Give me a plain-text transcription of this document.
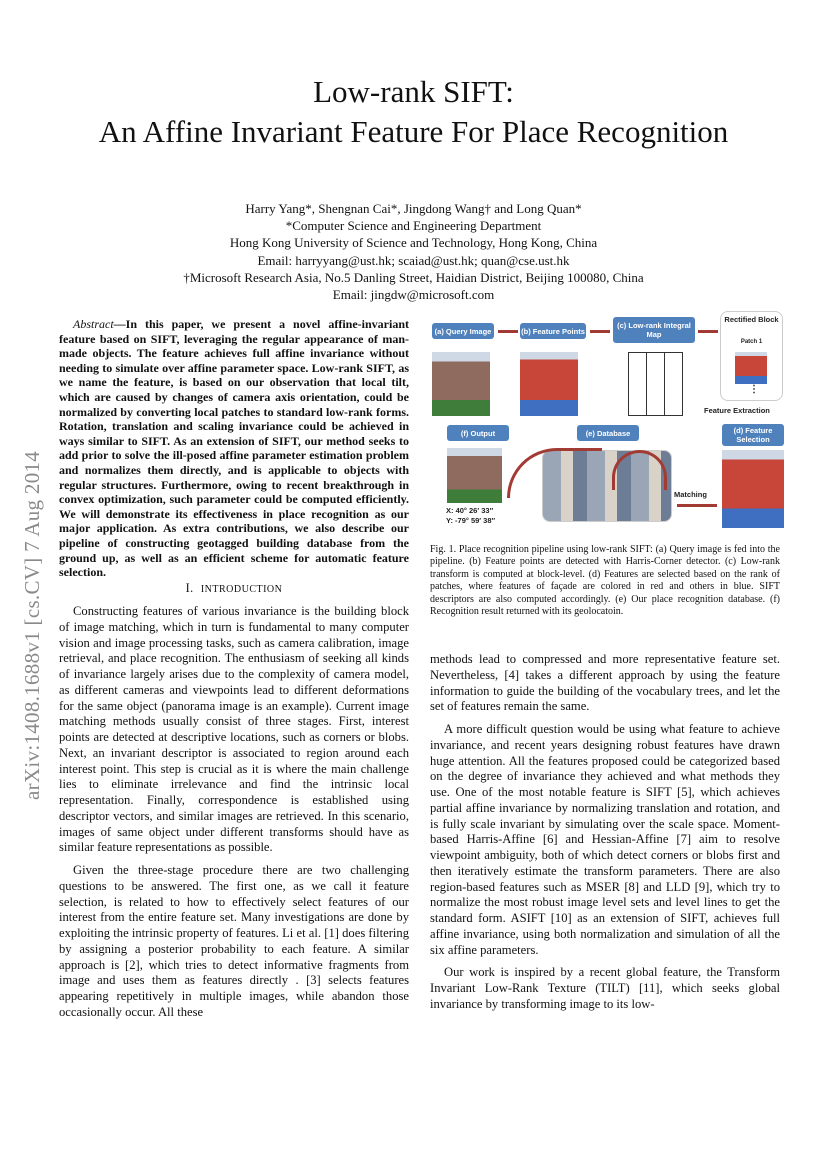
arXiv:1408.1688v1 [cs.CV] 7 Aug 2014
Low-rank SIFT:
An Affine Invariant Feature For Place Recognition
Harry Yang*, Shengnan Cai*, Jingdong Wang† and Long Quan*
*Computer Science and Engineering Department
Hong Kong University of Science and Technology, Hong Kong, China
Email: harryyang@ust.hk; scaiad@ust.hk; quan@cse.ust.hk
†Microsoft Research Asia, No.5 Danling Street, Haidian District, Beijing 100080, China
Email: jingdw@microsoft.com

Abstract—In this paper, we present a novel affine-invariant feature based on SIFT, leveraging the regular appearance of man-made objects. The feature achieves full affine invariance without needing to simulate over affine parameter space. Low-rank SIFT, as we name the feature, is based on our observation that local tilt, which are caused by changes of camera axis orientation, could be normalized by converting local patches to standard low-rank forms. Rotation, translation and scaling invariance could be achieved in ways similar to SIFT. As an extension of SIFT, our method seeks to add prior to solve the ill-posed affine parameter estimation problem and normalizes them directly, and is applicable to objects with regular structures. Furthermore, owing to recent breakthrough in convex optimization, such parameter could be computed efficiently. We will demonstrate its effectiveness in place recognition as our major application. As extra contributions, we also describe our pipeline of constructing geotagged building database from the ground up, as well as an efficient scheme for automatic feature selection.

I. INTRODUCTION

Constructing features of various invariance is the building block of image matching, which in turn is fundamental to many computer vision and image processing tasks, such as camera calibration, image retrieval, and place recognition. The enthusiasm of seeking all kinds of invariance largely arises due to the complexity of camera model, as different cameras and viewpoints lead to different deformations for the same object (panorama image is an example). Current image matching methods usually consist of three stages. First, interest points are detected at descriptive locations, such as corners or blobs. Next, an invariant descriptor is associated to region around each interest point. This step is crucial as it is where the main challenge lies to eliminate irrelevance and find the intrinsic local representation. Finally, correspondence is established using descriptor vectors, and similar images are retrieved. In this scenario, images of same object under different transforms should have as similar feature representations as possible.

Given the three-stage procedure there are two challenging questions to be answered. The first one, as we call it feature selection, is related to how to effectively select features of our interest from the entire feature set. Many investigations are done by exploiting the intrinsic property of features. Li et al. [1] does filtering by assigning a posterior probability to each feature. A similar approach is [2], which tries to detect informative fragments from image and uses them as features directly . [3] selects features appearing repetitively in multiple images, while abandon those occasionally occur. All these

(a) Query Image	(b) Feature Points
(c) Low-rank Integral Map
Rectified Block
Patch 1
⋮
Feature Extraction
(d) Feature Selection
(e) Database
(f) Output
X: 40° 26′ 33″
Y: -79° 59′ 38″
Matching
Fig. 1. Place recognition pipeline using low-rank SIFT: (a) Query image is fed into the pipeline. (b) Feature points are detected with Harris-Corner detector. (c) Low-rank transform is computed at block-level. (d) Features are selected based on the rank of patches, where features of façade are colored in red and others in blue. SIFT descriptors are also computed accordingly. (e) Our place recognition database. (f) Recognition result returned with its geolocatoin.

methods lead to compressed and more representative feature set. Nevertheless, [4] takes a different approach by using the feature information to guide the building of the vocabulary trees, and let the set of features remain the same.

A more difficult question would be using what feature to achieve invariance, and recent years designing robust features have drawn huge attention. All the features proposed could be categorized based on the degree of invariance they achieved and what methods they use. One of the most notable feature is SIFT [5], which achieves partial affine invariance by normalizing translation and rotation, and is fully scale invariant by simulating over the scale space. Moment-based Harris-Affine [6] and Hessian-Affine [7] aim to resolve viewpoint ambiguity, both of which detect corners or blobs first and then iteratively estimate the transform parameters. There are also region-based features such as MSER [8] and LLD [9], which try to normalize the most robust image level sets and level lines to get the standard form. ASIFT [10] as an extension of SIFT, achieves full affine invariance, using both normalization and simulation of all the six affine parameters.

Our work is inspired by a recent global feature, the Transform Invariant Low-Rank Texture (TILT) [11], which seeks global invariance by transforming image to its low-
